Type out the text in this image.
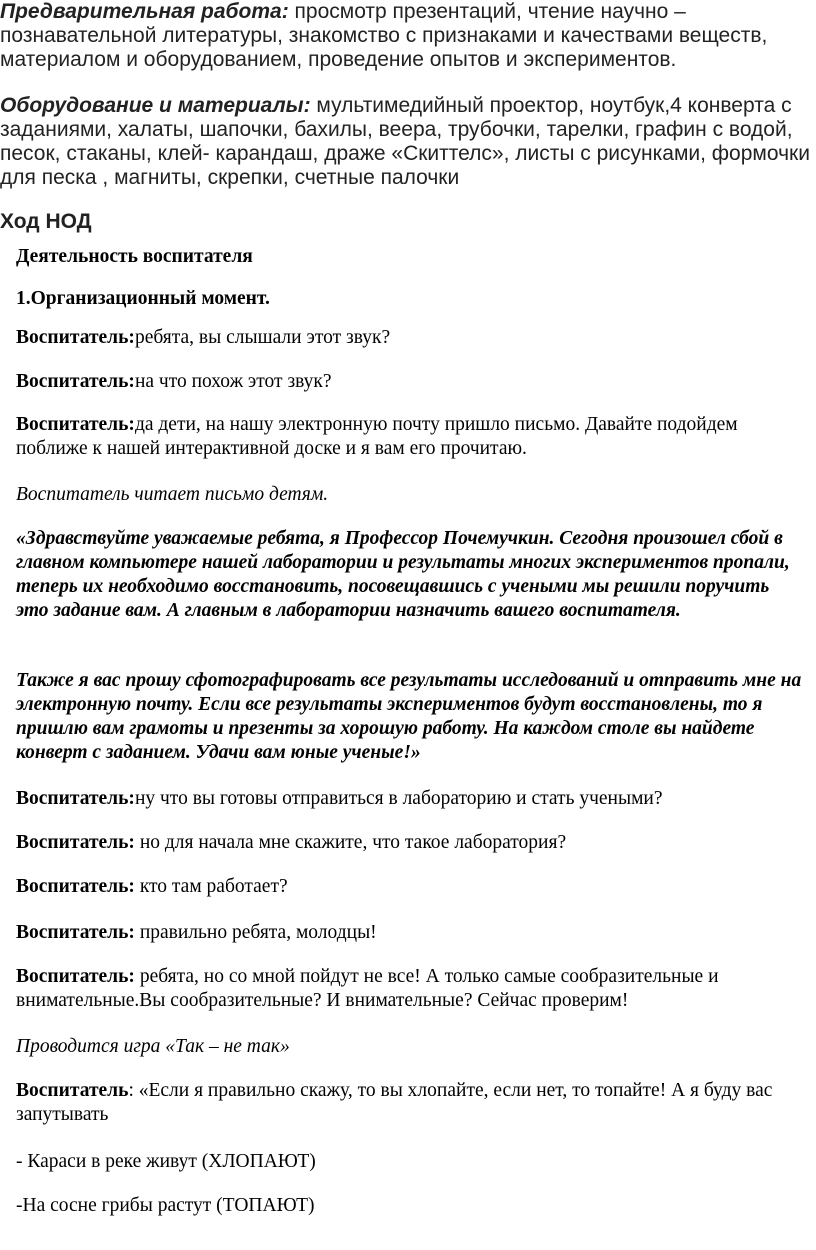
Предварительная работа: просмотр презентаций, чтение научно – познавательной литературы, знакомство с признаками и качествами веществ, материалом и оборудованием, проведение опытов и экспериментов.
Оборудование и материалы: мультимедийный проектор, ноутбук,4 конверта с заданиями, халаты, шапочки, бахилы, веера, трубочки, тарелки, графин с водой, песок, стаканы, клей- карандаш, драже «Скиттелс», листы с рисунками, формочки для песка , магниты, скрепки, счетные палочки
Ход НОД

Деятельность воспитателя

1.Организационный момент.

Воспитатель:ребята, вы слышали этот звук?

Воспитатель:на что похож этот звук?

Воспитатель:да дети, на нашу электронную почту пришло письмо. Давайте подойдем поближе к нашей интерактивной доске и я вам его прочитаю.

Воспитатель читает письмо детям.

«Здравствуйте уважаемые ребята, я Профессор Почемучкин. Сегодня произошел сбой в главном компьютере нашей лаборатории и результаты многих экспериментов пропали, теперь их необходимо восстановить, посовещавшись с учеными мы решили поручить это задание вам. А главным в лаборатории назначить вашего воспитателя.

Также я вас прошу сфотографировать все результаты исследований и отправить мне на электронную почту. Если все результаты экспериментов будут восстановлены, то я пришлю вам грамоты и презенты за хорошую работу. На каждом столе вы найдете конверт с заданием. Удачи вам юные ученые!»

Воспитатель:ну что вы готовы отправиться в лабораторию и стать учеными?

Воспитатель: но для начала мне скажите, что такое лаборатория?

Воспитатель: кто там работает?

Воспитатель: правильно ребята, молодцы!

Воспитатель: ребята, но со мной пойдут не все! А только самые сообразительные и внимательные.Вы сообразительные? И внимательные? Сейчас проверим!

Проводится игра «Так – не так»

Воспитатель: «Если я правильно скажу, то вы хлопайте, если нет, то топайте! А я буду вас запутывать

- Караси в реке живут (ХЛОПАЮТ)

-На сосне грибы растут (ТОПАЮТ)
